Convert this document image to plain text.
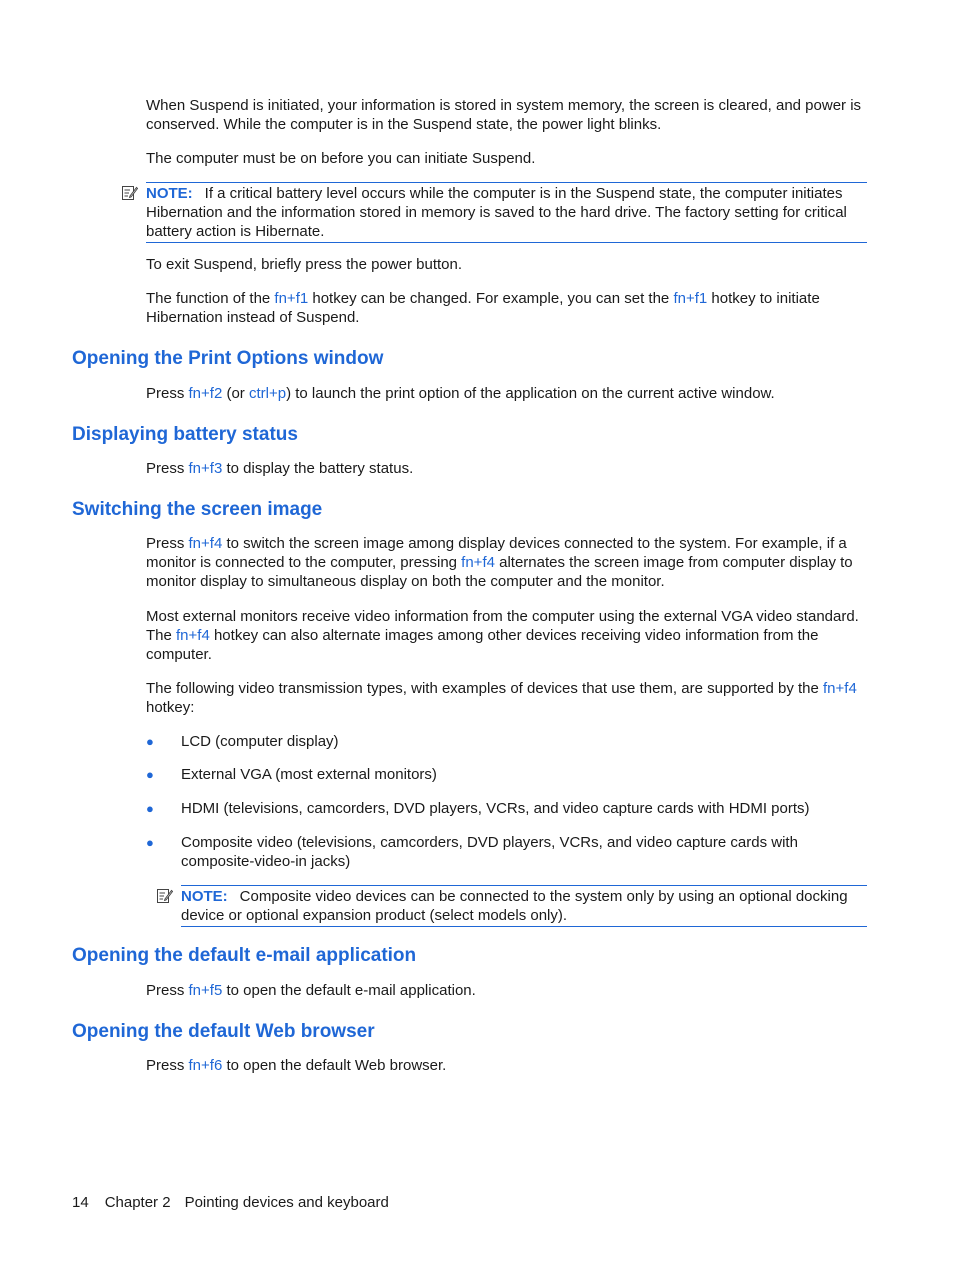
When Suspend is initiated, your information is stored in system memory, the screen is cleared, and power is conserved. While the computer is in the Suspend state, the power light blinks.

The computer must be on before you can initiate Suspend.

NOTE: If a critical battery level occurs while the computer is in the Suspend state, the computer initiates Hibernation and the information stored in memory is saved to the hard drive. The factory setting for critical battery action is Hibernate.

To exit Suspend, briefly press the power button.

The function of the fn+f1 hotkey can be changed. For example, you can set the fn+f1 hotkey to initiate Hibernation instead of Suspend.

Opening the Print Options window

Press fn+f2 (or ctrl+p) to launch the print option of the application on the current active window.

Displaying battery status

Press fn+f3 to display the battery status.

Switching the screen image

Press fn+f4 to switch the screen image among display devices connected to the system. For example, if a monitor is connected to the computer, pressing fn+f4 alternates the screen image from computer display to monitor display to simultaneous display on both the computer and the monitor.

Most external monitors receive video information from the computer using the external VGA video standard. The fn+f4 hotkey can also alternate images among other devices receiving video information from the computer.

The following video transmission types, with examples of devices that use them, are supported by the fn+f4 hotkey:

● LCD (computer display)
● External VGA (most external monitors)
● HDMI (televisions, camcorders, DVD players, VCRs, and video capture cards with HDMI ports)
● Composite video (televisions, camcorders, DVD players, VCRs, and video capture cards with composite-video-in jacks)
NOTE: Composite video devices can be connected to the system only by using an optional docking device or optional expansion product (select models only).
Opening the default e-mail application

Press fn+f5 to open the default e-mail application.

Opening the default Web browser

Press fn+f6 to open the default Web browser.

14 Chapter 2 Pointing devices and keyboard
